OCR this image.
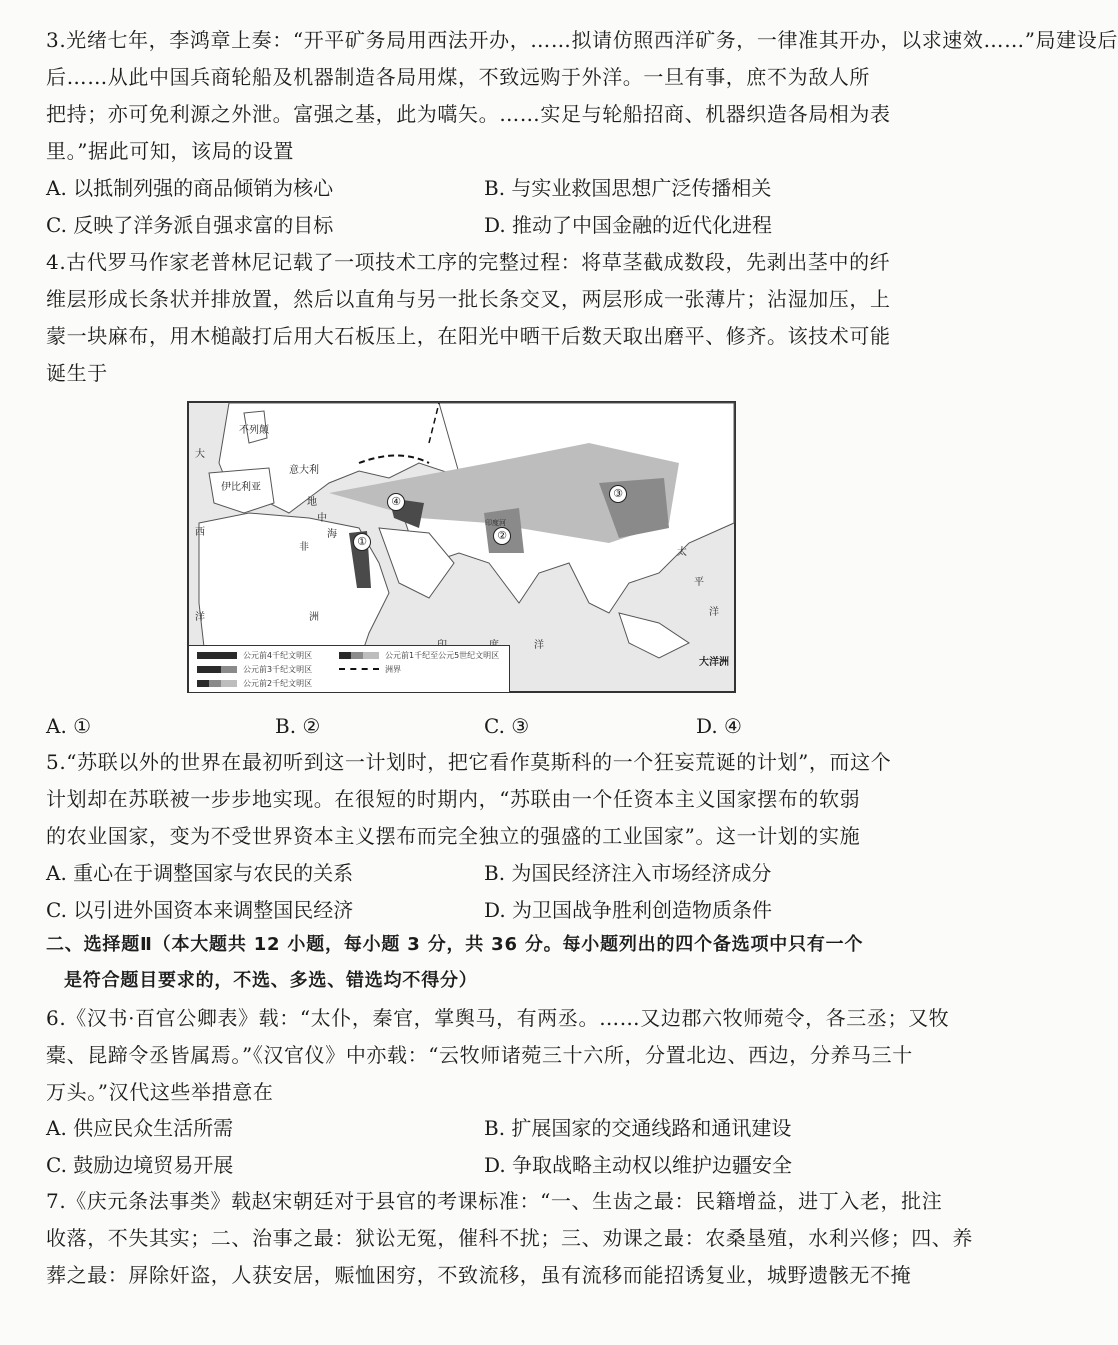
3.光绪七年，李鸿章上奏：“开平矿务局用西法开办，……拟请仿照西洋矿务，一律准其开办，以求速效……”局建设后
后……从此中国兵商轮船及机器制造各局用煤，不致远购于外洋。一旦有事，庶不为敌人所
把持；亦可免利源之外泄。富强之基，此为嚆矢。……实足与轮船招商、机器织造各局相为表
里。”据此可知，该局的设置
A. 以抵制列强的商品倾销为核心	B. 与实业救国思想广泛传播相关
C. 反映了洋务派自强求富的目标	D. 推动了中国金融的近代化进程
4.古代罗马作家老普林尼记载了一项技术工序的完整过程：将草茎截成数段，先剥出茎中的纤
维层形成长条状并排放置，然后以直角与另一批长条交叉，两层形成一张薄片；沾湿加压，上
蒙一块麻布，用木槌敲打后用大石板压上，在阳光中晒干后数天取出磨平、修齐。该技术可能
诞生于
不列颠
伊比利亚
意大利
大
西
洋
地
中
海
非
洲
洋
太
平
洋
大洋洲
印度河
①	②
③
④
公元前4千纪文明区
公元前3千纪文明区
公元前2千纪文明区
公元前1千纪至公元5世纪文明区
洲界
A. ①	B. ②	C. ③	D. ④
5.“苏联以外的世界在最初听到这一计划时，把它看作莫斯科的一个狂妄荒诞的计划”，而这个
计划却在苏联被一步步地实现。在很短的时期内，“苏联由一个任资本主义国家摆布的软弱
的农业国家，变为不受世界资本主义摆布而完全独立的强盛的工业国家”。这一计划的实施
A. 重心在于调整国家与农民的关系	B. 为国民经济注入市场经济成分
C. 以引进外国资本来调整国民经济	D. 为卫国战争胜利创造物质条件
二、选择题Ⅱ（本大题共 12 小题，每小题 3 分，共 36 分。每小题列出的四个备选项中只有一个
是符合题目要求的，不选、多选、错选均不得分）
6.《汉书·百官公卿表》载：“太仆，秦官，掌舆马，有两丞。……又边郡六牧师菀令，各三丞；又牧
橐、昆蹄令丞皆属焉。”《汉官仪》中亦载：“云牧师诸菀三十六所，分置北边、西边，分养马三十
万头。”汉代这些举措意在
A. 供应民众生活所需	B. 扩展国家的交通线路和通讯建设
C. 鼓励边境贸易开展	D. 争取战略主动权以维护边疆安全
7.《庆元条法事类》载赵宋朝廷对于县官的考课标准：“一、生齿之最：民籍增益，进丁入老，批注
收落，不失其实；二、治事之最：狱讼无冤，催科不扰；三、劝课之最：农桑垦殖，水利兴修；四、养
葬之最：屏除奸盗，人获安居，赈恤困穷，不致流移，虽有流移而能招诱复业，城野遗骸无不掩
